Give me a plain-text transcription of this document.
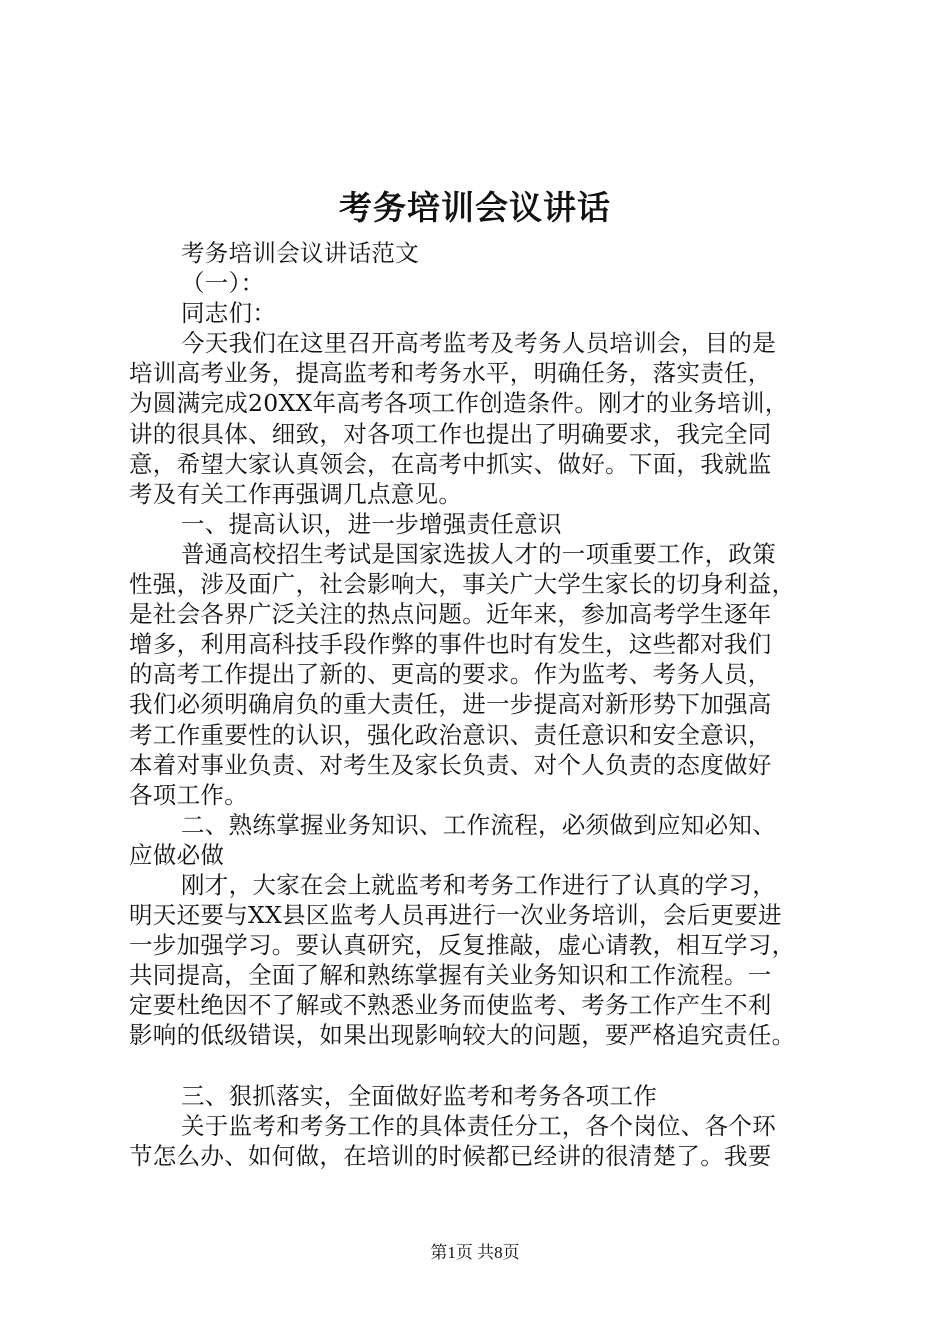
考务培训会议讲话

考务培训会议讲话范文

（一）：

同志们：

今天我们在这里召开高考监考及考务人员培训会，目的是

培训高考业务，提高监考和考务水平，明确任务，落实责任，

为圆满完成20XX年高考各项工作创造条件。刚才的业务培训，

讲的很具体、细致，对各项工作也提出了明确要求，我完全同

意，希望大家认真领会，在高考中抓实、做好。下面，我就监

考及有关工作再强调几点意见。

一、提高认识，进一步增强责任意识

普通高校招生考试是国家选拔人才的一项重要工作，政策

性强，涉及面广，社会影响大，事关广大学生家长的切身利益，

是社会各界广泛关注的热点问题。近年来，参加高考学生逐年

增多，利用高科技手段作弊的事件也时有发生，这些都对我们

的高考工作提出了新的、更高的要求。作为监考、考务人员，

我们必须明确肩负的重大责任，进一步提高对新形势下加强高

考工作重要性的认识，强化政治意识、责任意识和安全意识，

本着对事业负责、对考生及家长负责、对个人负责的态度做好

各项工作。

二、熟练掌握业务知识、工作流程，必须做到应知必知、

应做必做

刚才，大家在会上就监考和考务工作进行了认真的学习，

明天还要与XX县区监考人员再进行一次业务培训，会后更要进

一步加强学习。要认真研究，反复推敲，虚心请教，相互学习，

共同提高，全面了解和熟练掌握有关业务知识和工作流程。一

定要杜绝因不了解或不熟悉业务而使监考、考务工作产生不利

影响的低级错误，如果出现影响较大的问题，要严格追究责任。

三、狠抓落实，全面做好监考和考务各项工作

关于监考和考务工作的具体责任分工，各个岗位、各个环

节怎么办、如何做，在培训的时候都已经讲的很清楚了。我要

第1页 共8页
